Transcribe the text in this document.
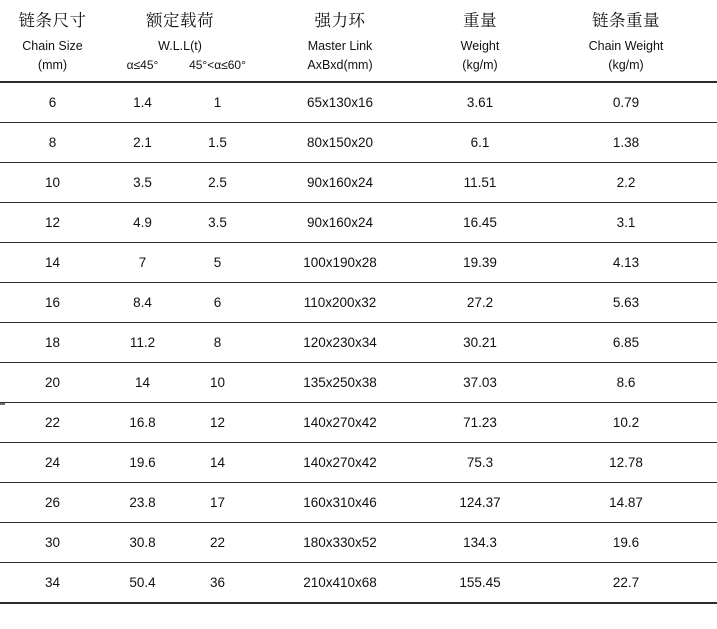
链条尺寸
Chain Size
(mm)	额定载荷
W.L.L(t)
α≤45° 45°<α≤60°	强力环
Master Link
AxBxd(mm)	重量
Weight
(kg/m)	链条重量
Chain Weight
(kg/m)

6	1.4 1	65x130x16	3.61	0.79
8	2.1 1.5	80x150x20	6.1	1.38
10	3.5 2.5	90x160x24	11.51	2.2
12	4.9 3.5	90x160x24	16.45	3.1
14	7 5	100x190x28	19.39	4.13
16	8.4 6	110x200x32	27.2	5.63
18	11.2 8	120x230x34	30.21	6.85
20	14 10	135x250x38	37.03	8.6
22	16.8 12	140x270x42	71.23	10.2
24	19.6 14	140x270x42	75.3	12.78
26	23.8 17	160x310x46	124.37	14.87
30	30.8 22	180x330x52	134.3	19.6
34	50.4 36	210x410x68	155.45	22.7
